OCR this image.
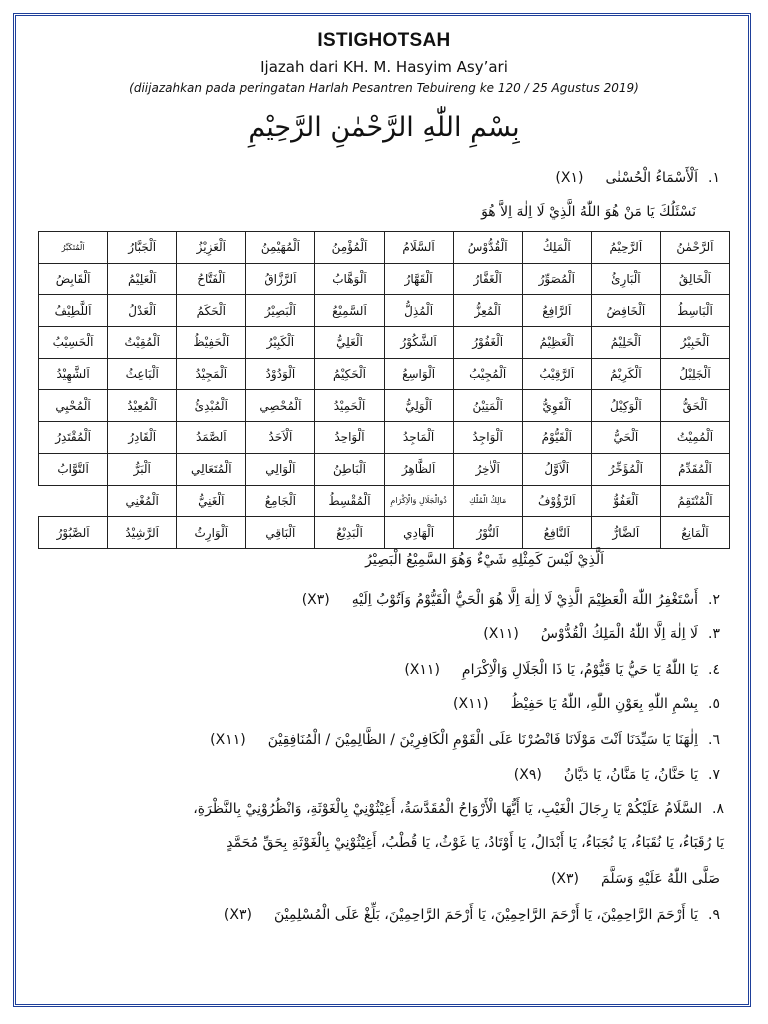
ISTIGHOTSAH
Ijazah dari KH. M. Hasyim Asy’ari
(diijazahkan pada peringatan Harlah Pesantren Tebuireng ke 120 / 25 Agustus 2019)
بِسْمِ اللّٰهِ الرَّحْمٰنِ الرَّحِيْمِ
١.اَلْأَسْمَاءُ الْحُسْنٰى(X١)
نَسْئَلُكَ يَا مَنْ هُوَ اللّٰهُ الَّذِيْ لَا اِلٰهَ اِلاَّ هُوَ
اَلرَّحْمٰنُ	اَلرَّحِيْمُ	اَلْمَلِكُ	اَلْقُدُّوْسُ	اَلسَّلَامُ	اَلْمُؤْمِنُ	اَلْمُهَيْمِنُ	اَلْعَزِيْزُ	اَلْجَبَّارُ	اَلْمُتَكَبِّرُ
اَلْخَالِقُ	اَلْبَارِئُ	اَلْمُصَوِّرُ	اَلْغَفَّارُ	اَلْقَهَّارُ	اَلْوَهَّابُ	اَلرَّزَّاقُ	اَلْفَتَّاحُ	اَلْعَلِيْمُ	اَلْقَابِضُ
اَلْبَاسِطُ	اَلْخَافِضُ	اَلرَّافِعُ	اَلْمُعِزُّ	اَلْمُذِلُّ	اَلسَّمِيْعُ	اَلْبَصِيْرُ	اَلْحَكَمُ	اَلْعَدْلُ	اَللَّطِيْفُ
اَلْخَبِيْرُ	اَلْحَلِيْمُ	اَلْعَظِيْمُ	اَلْغَفُوْرُ	اَلشَّكُوْرُ	اَلْعَلِيُّ	اَلْكَبِيْرُ	اَلْحَفِيْظُ	اَلْمُقِيْتُ	اَلْحَسِيْبُ
اَلْجَلِيْلُ	اَلْكَرِيْمُ	اَلرَّقِيْبُ	اَلْمُجِيْبُ	اَلْوَاسِعُ	اَلْحَكِيْمُ	اَلْوَدُوْدُ	اَلْمَجِيْدُ	اَلْبَاعِثُ	اَلشَّهِيْدُ
اَلْحَقُّ	اَلْوَكِيْلُ	اَلْقَوِيُّ	اَلْمَتِيْنُ	اَلْوَلِيُّ	اَلْحَمِيْدُ	اَلْمُحْصِي	اَلْمُبْدِئُ	اَلْمُعِيْدُ	اَلْمُحْيِي
اَلْمُمِيْتُ	اَلْحَيُّ	اَلْقَيُّوْمُ	اَلْوَاجِدُ	اَلْمَاجِدُ	اَلْوَاحِدُ	اَلْاَحَدُ	اَلصَّمَدُ	اَلْقَادِرُ	اَلْمُقْتَدِرُ
اَلْمُقَدِّمُ	اَلْمُؤَخِّرُ	اَلْاَوَّلُ	اَلْاٰخِرُ	اَلظَّاهِرُ	اَلْبَاطِنُ	اَلْوَالِي	اَلْمُتَعَالِي	اَلْبَرُّ	اَلتَّوَّابُ
اَلْمُنْتَقِمُ	اَلْعَفُوُّ	اَلرَّؤُوْفُ	مَالِكُ الْمُلْكِ	ذُوالْجَلَالِ وَالْاِكْرَامِ	اَلْمُقْسِطُ	اَلْجَامِعُ	اَلْغَنِيُّ	اَلْمُغْنِي	
اَلْمَانِعُ	اَلضَّارُّ	اَلنَّافِعُ	اَلنُّوْرُ	اَلْهَادِي	اَلْبَدِيْعُ	اَلْبَاقِي	اَلْوَارِثُ	اَلرَّشِيْدُ	اَلصَّبُوْرُ
اَلَّذِيْ لَيْسَ كَمِثْلِهِ شَيْءٌ وَهُوَ السَّمِيْعُ الْبَصِيْرُ
٢.أَسْتَغْفِرُ اللّٰهَ الْعَظِيْمَ الَّذِيْ لَا اِلٰهَ اِلَّا هُوَ الْحَيُّ الْقَيُّوْمُ وَاَتُوْبُ اِلَيْهِ(X٣)
٣.لَا اِلٰهَ اِلَّا اللّٰهُ الْمَلِكُ الْقُدُّوْسُ(X١١)
٤.يَا اللّٰهُ يَا حَيُّ يَا قَيُّوْمُ، يَا ذَا الْجَلَالِ وَالْاِكْرَامِ(X١١)
٥.بِسْمِ اللّٰهِ بِعَوْنِ اللّٰهِ، اللّٰهُ يَا حَفِيْظُ(X١١)
٦.اِلٰهَنَا يَا سَيِّدَنَا اَنْتَ مَوْلَانَا فَانْصُرْنَا عَلَى الْقَوْمِ الْكَافِرِيْنَ / الظَّالِمِيْنَ / الْمُنَافِقِيْنَ(X١١)
٧.يَا حَنَّانُ، يَا مَنَّانُ، يَا دَيَّانُ(X٩)
٨.السَّلَامُ عَلَيْكُمْ يَا رِجَالَ الْغَيْبِ، يَا أَيُّهَا الْأَرْوَاحُ الْمُقَدَّسَةُ، أَغِيْثُوْنِيْ بِالْغَوْثَةِ، وَانْظُرُوْنِيْ بِالنَّظْرَةِ،
يَا رُقَبَاءُ، يَا نُقَبَاءُ، يَا نُجَبَاءُ، يَا أَبْدَالُ، يَا أَوْتَادُ، يَا غَوْثُ، يَا قُطْبُ، أَغِيْثُوْنِيْ بِالْغَوْثَةِ بِحَقِّ مُحَمَّدٍ
صَلَّى اللّٰهُ عَلَيْهِ وَسَلَّمَ(X٣)
٩.يَا أَرْحَمَ الرَّاحِمِيْنَ، يَا أَرْحَمَ الرَّاحِمِيْنَ، يَا أَرْحَمَ الرَّاحِمِيْنَ، بَلِّغْ عَلَى الْمُسْلِمِيْنَ(X٣)
